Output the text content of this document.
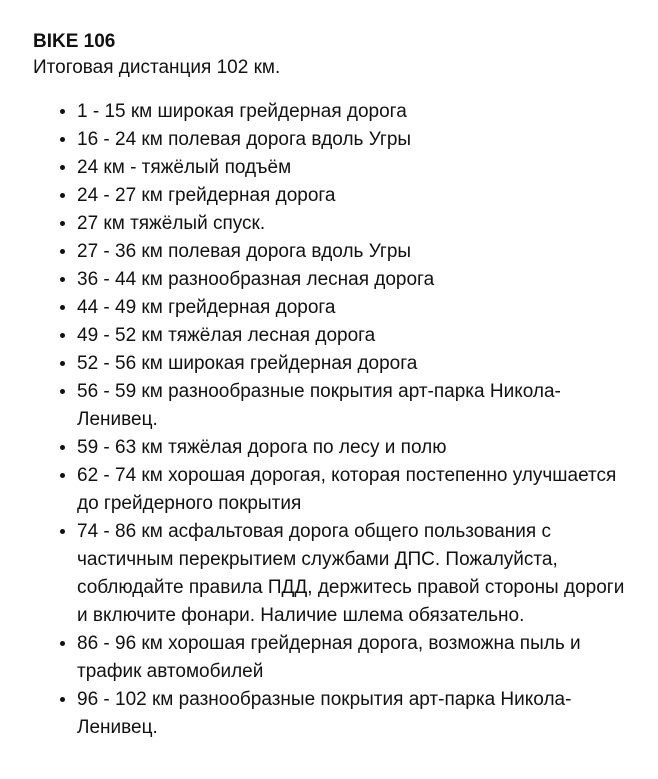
BIKE 106

Итоговая дистанция 102 км.

• 1 - 15 км широкая грейдерная дорога
• 16 - 24 км полевая дорога вдоль Угры
• 24 км - тяжёлый подъём
• 24 - 27 км грейдерная дорога
• 27 км тяжёлый спуск.
• 27 - 36 км полевая дорога вдоль Угры
• 36 - 44 км разнообразная лесная дорога
• 44 - 49 км грейдерная дорога
• 49 - 52 км тяжёлая лесная дорога
• 52 - 56 км широкая грейдерная дорога
• 56 - 59 км разнообразные покрытия арт-парка Никола-Ленивец.
• 59 - 63 км тяжёлая дорога по лесу и полю
• 62 - 74 км хорошая дорогая, которая постепенно улучшается до грейдерного покрытия
• 74 - 86 км асфальтовая дорога общего пользования с частичным перекрытием службами ДПС. Пожалуйста, соблюдайте правила ПДД, держитесь правой стороны дороги и включите фонари. Наличие шлема обязательно.
• 86 - 96 км хорошая грейдерная дорога, возможна пыль и трафик автомобилей
• 96 - 102 км разнообразные покрытия арт-парка Никола-Ленивец.
